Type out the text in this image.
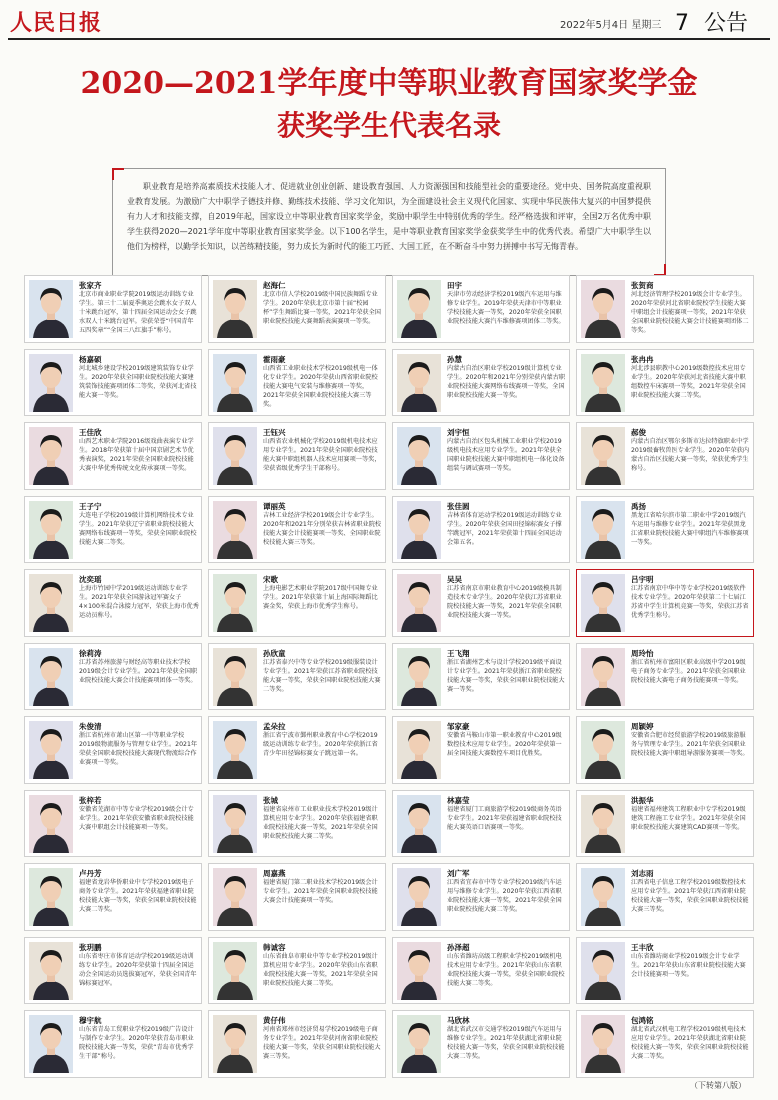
人民日报	2022年5月4日 星期三 7 公告
2020—2021学年度中等职业教育国家奖学金
获奖学生代表名录
职业教育是培养高素质技术技能人才、促进就业创业创新、建设教育强国、人力资源强国和技能型社会的重要途径。党中央、国务院高度重视职业教育发展。为激励广大中职学子德技并修、勤练技术技能、学习文化知识，为全面建设社会主义现代化国家、实现中华民族伟大复兴的中国梦提供有力人才和技能支撑，自2019年起，国家设立中等职业教育国家奖学金，奖励中职学生中特别优秀的学生。经严格选拔和评审，全国2万名优秀中职学生获得2020—2021学年度中等职业教育国家奖学金。以下100名学生，是中等职业教育国家奖学金获奖学生中的优秀代表。希望广大中职学生以他们为榜样，以勤学长知识，以苦练精技能，努力成长为新时代的能工巧匠、大国工匠，在不断奋斗中努力拼搏中书写无悔青春。
张家齐
北京市商业职业学院2019级运动训练专业学生。第三十二届夏季奥运会跳水女子双人十米跳台冠军，第十四届全国运动会女子跳水双人十米跳台冠军。荣获荣誉“中国青年五四奖章”“全国三八红旗手”称号。
赵海仁
北京市信人学校2019级中国民族舞蹈专业学生。2020年荣获北京市第十届“校园杯”学生舞蹈比赛一等奖，2021年荣获全国职业院校技能大赛舞蹈表演赛项一等奖。
田宇
天津市劳动经济学校2019级汽车运用与维修专业学生。2019年荣获天津市中等职业学校技能大赛一等奖，2020年荣获全国职业院校技能大赛汽车维修赛项团体二等奖。
张贺商
河北经济管理学校2019级会计专业学生。2020年荣获河北省职业院校学生技能大赛中职组会计技能赛项一等奖，2021年荣获全国职业院校技能大赛会计技能赛项团体二等奖。
杨嘉硕
河北城乡建设学校2019级建筑装饰专业学生。2020年荣获全国职业院校技能大赛建筑装饰技能赛项团体二等奖，荣获河北省技能大赛一等奖。
霍雨豪
山西省工业职业技术学校2019级机电一体化专业学生。2020年荣获山西省职业院校技能大赛电气安装与维修赛项一等奖，2021年荣获全国职业院校技能大赛三等奖。
孙慧
内蒙古自治区职业学校2019级计算机专业学生。2020年和2021年分别荣获内蒙古职业院校技能大赛网络布线赛项一等奖，全国职业院校技能大赛一等奖。
张冉冉
河北涉县职教中心2019级数控技术应用专业学生。2020年荣获河北省技能大赛中职组数控车床赛项一等奖，2021年荣获全国职业院校技能大赛二等奖。
王佳欣
山西艺术职业学院2016级戏曲表演专业学生。2018年荣获第十届中国京剧艺术节优秀表演奖，2021年荣获全国职业院校技能大赛中华优秀传统文化传承赛项一等奖。
王钰兴
山西省农业机械化学校2019级机电技术应用专业学生。2021年荣获全国职业院校技能大赛中职组机器人技术应用赛项一等奖，荣获省级优秀学生干部称号。
刘宇恒
内蒙古自治区包头机械工业职业学校2019级机电技术应用专业学生。2021年荣获全国职业院校技能大赛中职组机电一体化设备组装与调试赛项一等奖。
郝俊
内蒙古自治区鄂尔多斯市达拉特旗职业中学2019级畜牧兽医专业学生。2020年荣获内蒙古自治区技能大赛一等奖，荣获优秀学生称号。
王子宁
大连电子学校2019级计算机网络技术专业学生。2021年荣获辽宁省职业院校技能大赛网络布线赛项一等奖，荣获全国职业院校技能大赛二等奖。
谭丽英
吉林工业经济学校2019级会计专业学生。2020年和2021年分别荣获吉林省职业院校技能大赛会计技能赛项一等奖、全国职业院校技能大赛三等奖。
张佳圆
吉林省体育运动学校2019级运动训练专业学生。2020年荣获全国田径锦标赛女子撑竿跳冠军，2021年荣获第十四届全国运动会第五名。
禹扬
黑龙江省哈尔滨市第二职业中学2019级汽车运用与维修专业学生。2021年荣获黑龙江省职业院校技能大赛中职组汽车维修赛项一等奖。
沈奕瑶
上海市竹园中学2019级运动训练专业学生。2021年荣获全国游泳冠军赛女子4×100米混合泳接力冠军，荣获上海市优秀运动员称号。
宋歌
上海电影艺术职业学院2017级中国舞专业学生。2021年荣获第十届上海国际舞蹈比赛金奖，荣获上海市优秀学生称号。
吴吴
江苏省南京市职业教育中心2019级模具制造技术专业学生。2020年荣获江苏省职业院校技能大赛一等奖，2021年荣获全国职业院校技能大赛一等奖。
吕宇明
江苏省南京中华中等专业学校2019级软件技术专业学生。2020年荣获第二十七届江苏省中学生计算机竞赛一等奖，荣获江苏省优秀学生称号。
徐莉涛
江苏省苏州旅游与财经高等职业技术学校2019级会计专业学生。2021年荣获全国职业院校技能大赛会计技能赛项团体一等奖。
孙欣童
江苏省泰兴中等专业学校2019级服装设计专业学生。2021年荣获江苏省职业院校技能大赛一等奖，荣获全国职业院校技能大赛二等奖。
王飞翔
浙江省湖州艺术与设计学校2019级平面设计专业学生。2021年荣获浙江省职业院校技能大赛一等奖，荣获全国职业院校技能大赛一等奖。
周玲怡
浙江省杭州市富阳区职业高级中学2019级电子商务专业学生。2021年荣获全国职业院校技能大赛电子商务技能赛项一等奖。
朱俊清
浙江省杭州市萧山区第一中等职业学校2019级物流服务与管理专业学生。2021年荣获全国职业院校技能大赛现代物流综合作业赛项一等奖。
孟朵拉
浙江省宁波市鄞州职业教育中心学校2019级运动训练专业学生。2020年荣获浙江省青少年田径锦标赛女子跳远第一名。
邹家豪
安徽省马鞍山市第一职业教育中心2019级数控技术应用专业学生。2020年荣获第一届全国技能大赛数控车项目优胜奖。
周颖婷
安徽省合肥市经贸旅游学校2019级旅游服务与管理专业学生。2021年荣获全国职业院校技能大赛中职组导游服务赛项一等奖。
张梓若
安徽省芜湖市中等专业学校2019级会计专业学生。2021年荣获安徽省职业院校技能大赛中职组会计技能赛项一等奖。
张城
福建省泉州市工业职业技术学校2019级计算机应用专业学生。2020年荣获福建省职业院校技能大赛一等奖，2021年荣获全国职业院校技能大赛二等奖。
林嘉莹
福建省厦门工商旅游学校2019级商务英语专业学生。2021年荣获福建省职业院校技能大赛英语口语赛项一等奖。
洪振华
福建省福州建筑工程职业中专学校2019级建筑工程施工专业学生。2021年荣获全国职业院校技能大赛建筑CAD赛项一等奖。
卢丹芳
福建省龙岩华侨职业中专学校2019级电子商务专业学生。2021年荣获福建省职业院校技能大赛一等奖，荣获全国职业院校技能大赛二等奖。
周嘉燕
福建省厦门第二职业技术学校2019级会计专业学生。2021年荣获全国职业院校技能大赛会计技能赛项一等奖。
刘广军
江西省宜春市中等专业学校2019级汽车运用与维修专业学生。2020年荣获江西省职业院校技能大赛一等奖，2021年荣获全国职业院校技能大赛二等奖。
刘志雨
江西省电子信息工程学校2019级数控技术应用专业学生。2021年荣获江西省职业院校技能大赛一等奖，荣获全国职业院校技能大赛三等奖。
张玥鹏
山东省枣庄市体育运动学校2019级运动训练专业学生。2020年荣获第十四届全国运动会全国运动员选拔赛冠军，荣获全国青年锦标赛冠军。
韩诚容
山东省曲阜市职业中等专业学校2019级计算机应用专业学生。2020年荣获山东省职业院校技能大赛一等奖，2021年荣获全国职业院校技能大赛二等奖。
孙泽超
山东省潍坊高级工程职业学校2019级机电技术应用专业学生。2021年荣获山东省职业院校技能大赛一等奖，荣获全国职业院校技能大赛二等奖。
王丰欣
山东省潍坊商业学校2019级会计专业学生。2021年荣获山东省职业院校技能大赛会计技能赛项一等奖。
穆宇航
山东省青岛工贸职业学校2019级广告设计与制作专业学生。2020年荣获青岛市职业院校技能大赛一等奖，荣获“青岛市优秀学生干部”称号。
黄仔伟
河南省郑州市经济贸易学校2019级电子商务专业学生。2021年荣获河南省职业院校技能大赛一等奖，荣获全国职业院校技能大赛三等奖。
马欣林
湖北省武汉市交通学校2019级汽车运用与维修专业学生。2021年荣获湖北省职业院校技能大赛一等奖，荣获全国职业院校技能大赛二等奖。
包鸿铭
湖北省武汉机电工程学校2019级机电技术应用专业学生。2021年荣获湖北省职业院校技能大赛一等奖，荣获全国职业院校技能大赛二等奖。
（下转第八版）
